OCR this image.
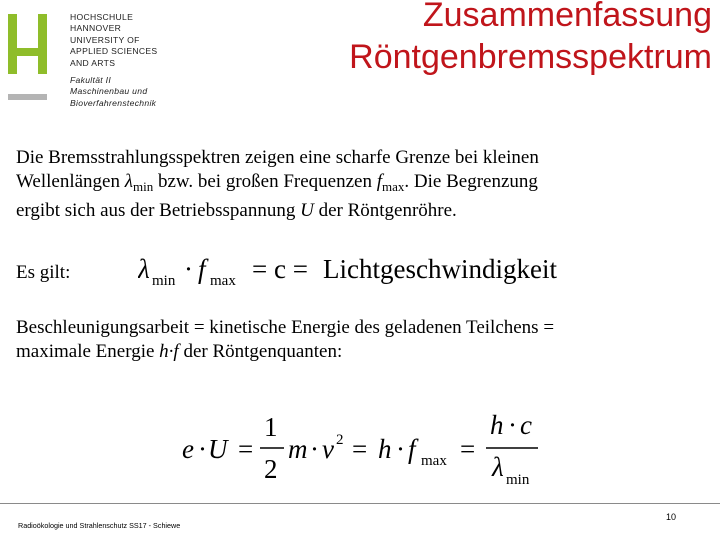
HOCHSCHULE
HANNOVER
UNIVERSITY OF
APPLIED SCIENCES
AND ARTS
Fakultät II
Maschinenbau und
Bioverfahrenstechnik
Zusammenfassung
Röntgenbremsspektrum
Die Bremsstrahlungsspektren zeigen eine scharfe Grenze bei kleinen
Wellenlängen $\lambda_{min}$ bzw. bei großen Frequenzen $f_{max}$. Die Begrenzung
ergibt sich aus der Betriebsspannung U der Röntgenröhre.
Es gilt:	λ min · f max = c = Lichtgeschwindigkeit
Beschleunigungsarbeit = kinetische Energie des geladenen Teilchens =
maximale Energie h·f der Röntgenquanten:
e · U =
1
2
m · v 2 = h · f max =
h · c
λ min
Radioökologie und Strahlenschutz SS17 - Schiewe
10
